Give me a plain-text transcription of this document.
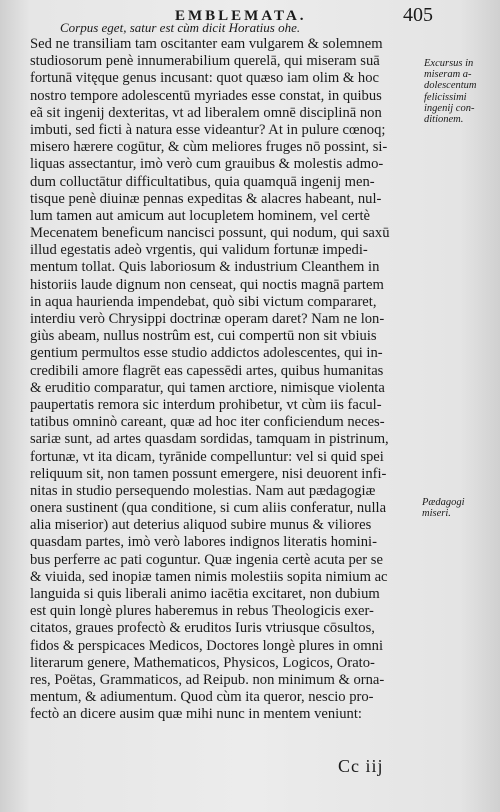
EMBLEMATA.	405
Corpus eget, satur est cùm dicit Horatius ohe.
Sed ne transiliam tam oscitanter eam vulgarem & solemnem
studiosorum penè innumerabilium querelā, qui miseram suā
fortunā vitęque genus incusant: quot quæso iam olim & hoc
nostro tempore adolescentū myriades esse constat, in quibus
eã sit ingenij dexteritas, vt ad liberalem omnē disciplinā non
imbuti, sed ficti à natura esse videantur? At in pulure cœnoq;
misero hærere cogūtur, & cùm meliores fruges nō possint, si-
liquas assectantur, imò verò cum grauibus & molestis admo-
dum colluctātur difficultatibus, quia quamquā ingenij men-
tisque penè diuinæ pennas expeditas & alacres habeant, nul-
lum tamen aut amicum aut locupletem hominem, vel certè
Mecenatem beneficum nancisci possunt, qui nodum, qui saxū
illud egestatis adeò vrgentis, qui validum fortunæ impedi-
mentum tollat. Quis laboriosum & industrium Cleanthem in
historiis laude dignum non censeat, qui noctis magnā partem
in aqua haurienda impendebat, quò sibi victum compararet,
interdiu verò Chrysippi doctrinæ operam daret? Nam ne lon-
giùs abeam, nullus nostrûm est, cui compertū non sit vbiuis
gentium permultos esse studio addictos adolescentes, qui in-
credibili amore flagrēt eas capessēdi artes, quibus humanitas
& eruditio comparatur, qui tamen arctiore, nimisque violenta
paupertatis remora sic interdum prohibetur, vt cùm iis facul-
tatibus omninò careant, quæ ad hoc iter conficiendum neces-
sariæ sunt, ad artes quasdam sordidas, tamquam in pistrinum,
fortunæ, vt ita dicam, tyrānide compelluntur: vel si quid spei
reliquum sit, non tamen possunt emergere, nisi deuorent infi-
nitas in studio persequendo molestias. Nam aut pædagogiæ
onera sustinent (qua conditione, si cum aliis conferatur, nulla
alia miserior) aut deterius aliquod subire munus & viliores
quasdam partes, imò verò labores indignos literatis homini-
bus perferre ac pati coguntur. Quæ ingenia certè acuta per se
& viuida, sed inopiæ tamen nimis molestiis sopita nimium ac
languida si quis liberali animo iacētia excitaret, non dubium
est quin longè plures haberemus in rebus Theologicis exer-
citatos, graues profectò & eruditos Iuris vtriusque cōsultos,
fidos & perspicaces Medicos, Doctores longè plures in omni
literarum genere, Mathematicos, Physicos, Logicos, Orato-
res, Poëtas, Grammaticos, ad Reipub. non minimum & orna-
mentum, & adiumentum. Quod cùm ita queror, nescio pro-
fectò an dicere ausim quæ mihi nunc in mentem veniunt:
Excursus in
miseram a-
dolescentum
felicissimi
ingenij con-
ditionem.
Pædagogi
miseri.
Cc iij
